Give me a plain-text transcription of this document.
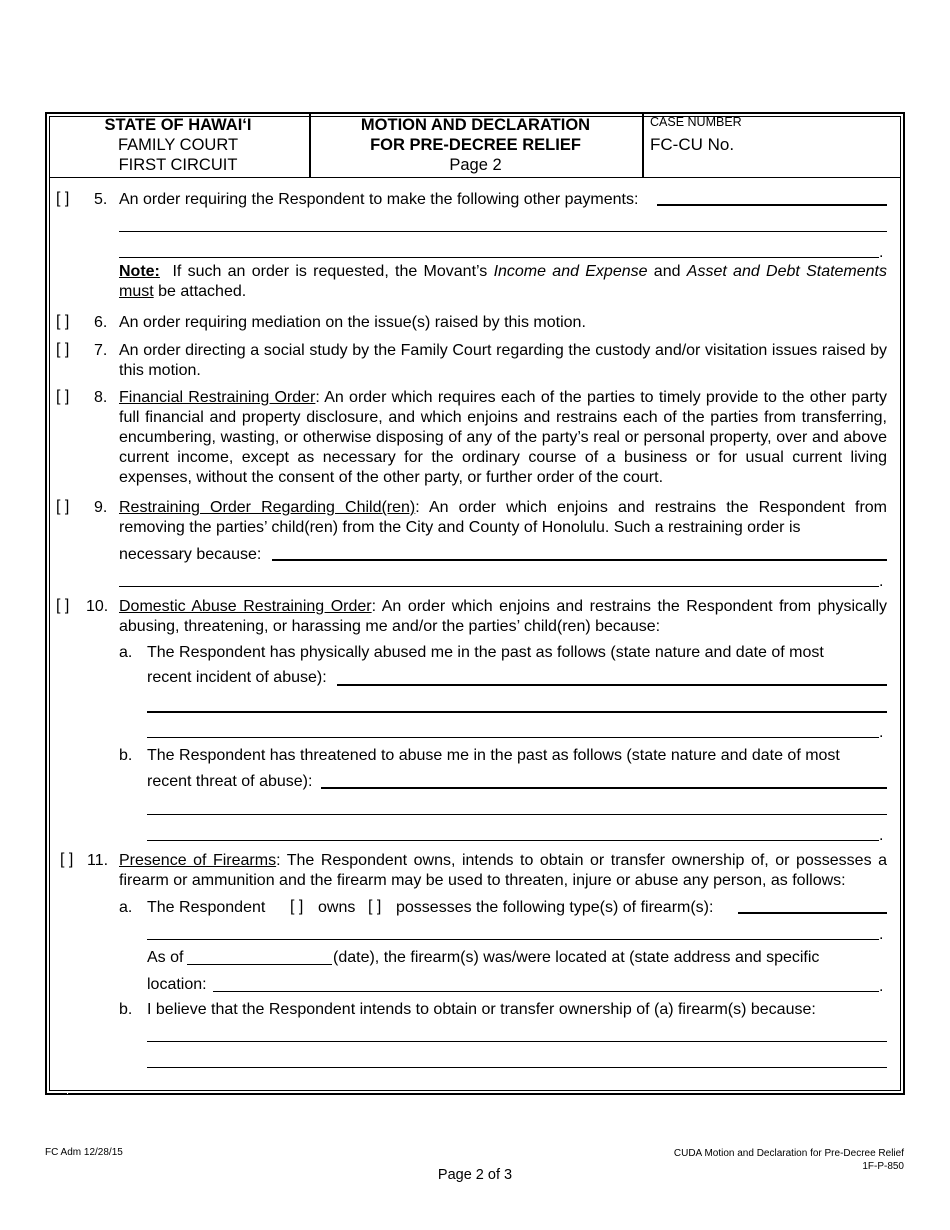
STATE OF HAWAI‘I
FAMILY COURT
FIRST CIRCUIT
MOTION AND DECLARATION
FOR PRE-DECREE RELIEF
Page 2
CASE NUMBER
FC-CU No.
[ ] 5. An order requiring the Respondent to make the following other payments:
.
Note: If such an order is requested, the Movant’s Income and Expense and Asset and Debt Statements must be attached.
[ ] 6. An order requiring mediation on the issue(s) raised by this motion.
[ ] 7. An order directing a social study by the Family Court regarding the custody and/or visitation issues raised by this motion.
[ ] 8. Financial Restraining Order: An order which requires each of the parties to timely provide to the other party full financial and property disclosure, and which enjoins and restrains each of the parties from transferring, encumbering, wasting, or otherwise disposing of any of the party’s real or personal property, over and above current income, except as necessary for the ordinary course of a business or for usual current living expenses, without the consent of the other party, or further order of the court.
[ ] 9. Restraining Order Regarding Child(ren): An order which enjoins and restrains the Respondent from removing the parties’ child(ren) from the City and County of Honolulu. Such a restraining order is
necessary because:
.
[ ] 10. Domestic Abuse Restraining Order: An order which enjoins and restrains the Respondent from physically abusing, threatening, or harassing me and/or the parties’ child(ren) because:
a. The Respondent has physically abused me in the past as follows (state nature and date of most
recent incident of abuse):
.
b. The Respondent has threatened to abuse me in the past as follows (state nature and date of most
recent threat of abuse):
.
[ ] 11. Presence of Firearms: The Respondent owns, intends to obtain or transfer ownership of, or possesses a firearm or ammunition and the firearm may be used to threaten, injure or abuse any person, as follows:
a. The Respondent [ ] owns [ ] possesses the following type(s) of firearm(s):
.
As of	(date), the firearm(s) was/were located at (state address and specific
location:	.
b. I believe that the Respondent intends to obtain or transfer ownership of (a) firearm(s) because:
FC Adm 12/28/15	CUDA Motion and Declaration for Pre-Decree Relief
1F-P-850
Page 2 of 3
